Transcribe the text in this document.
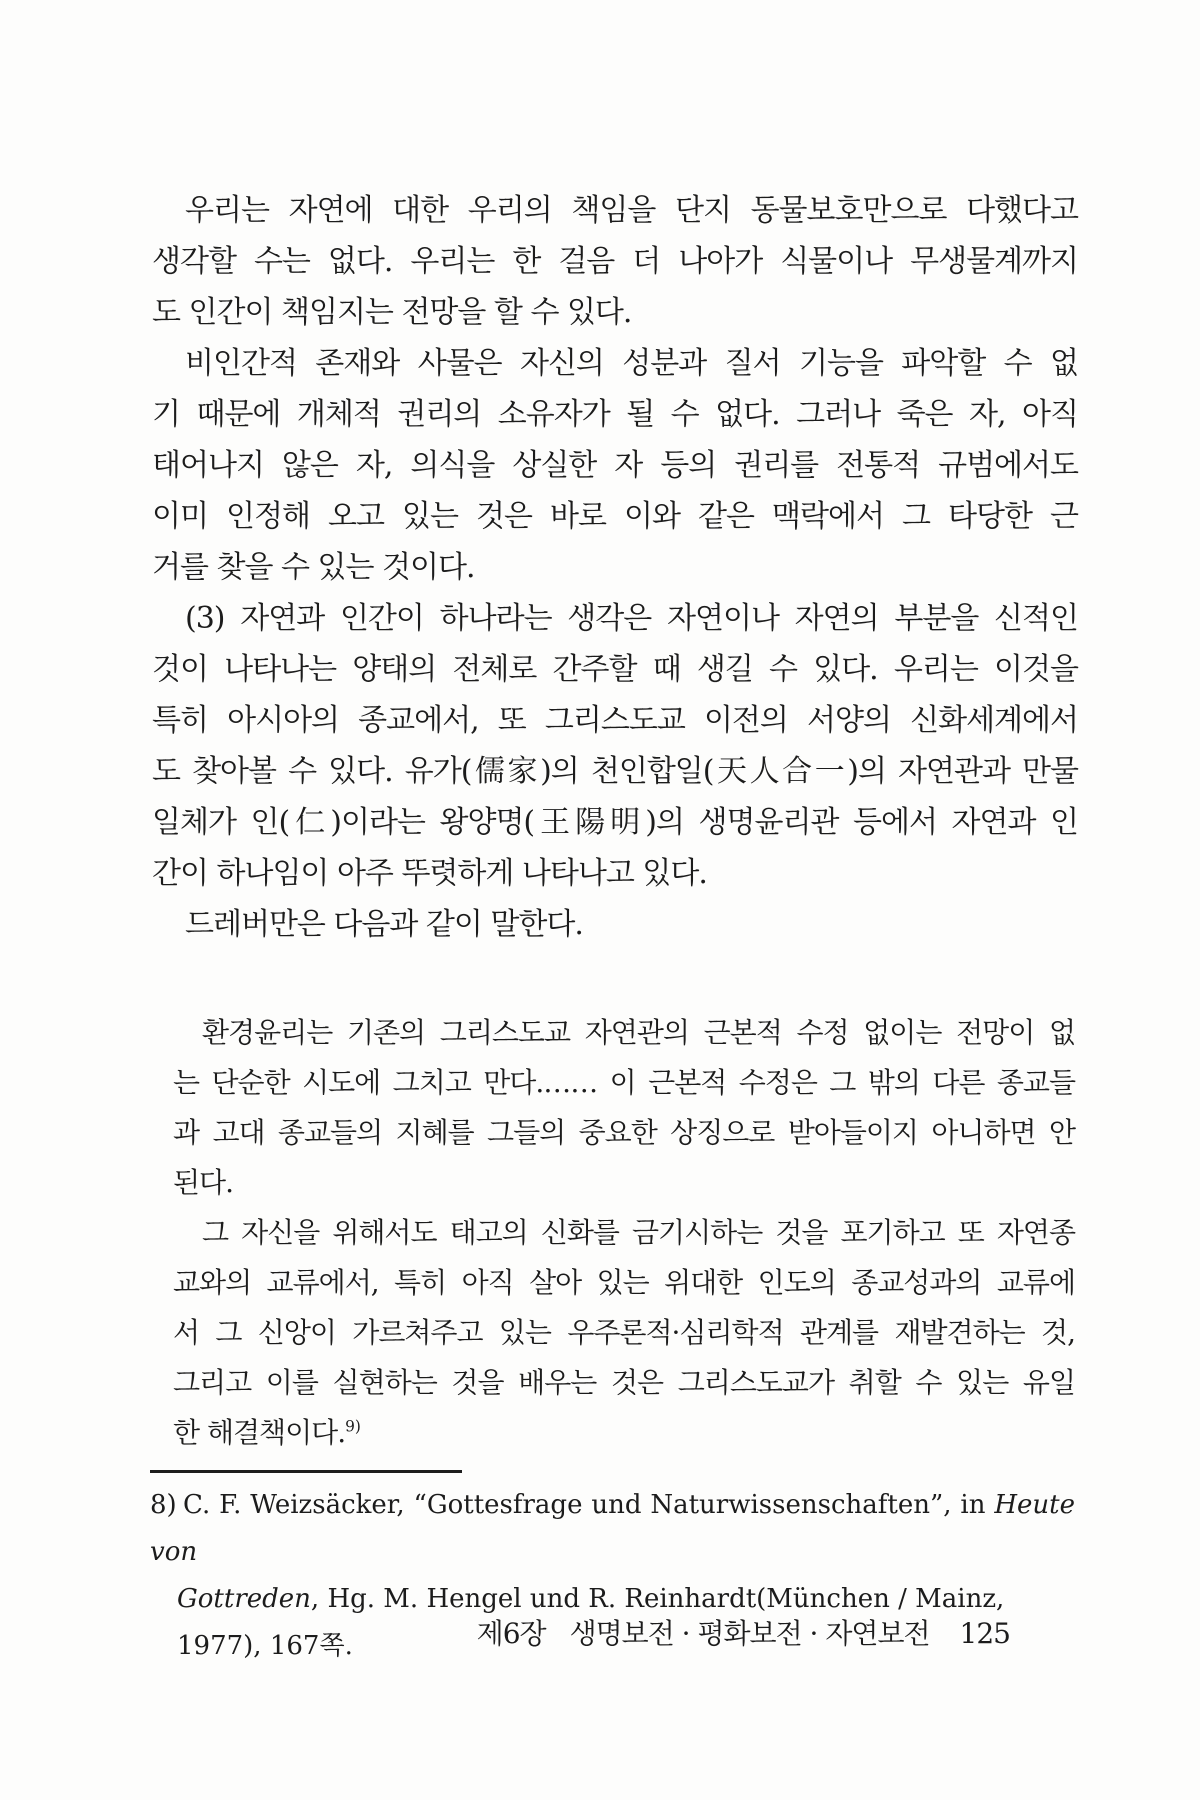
우리는 자연에 대한 우리의 책임을 단지 동물보호만으로 다했다고
생각할 수는 없다. 우리는 한 걸음 더 나아가 식물이나 무생물계까지
도 인간이 책임지는 전망을 할 수 있다.
비인간적 존재와 사물은 자신의 성분과 질서 기능을 파악할 수 없
기 때문에 개체적 권리의 소유자가 될 수 없다. 그러나 죽은 자, 아직
태어나지 않은 자, 의식을 상실한 자 등의 권리를 전통적 규범에서도
이미 인정해 오고 있는 것은 바로 이와 같은 맥락에서 그 타당한 근
거를 찾을 수 있는 것이다.
(3) 자연과 인간이 하나라는 생각은 자연이나 자연의 부분을 신적인
것이 나타나는 양태의 전체로 간주할 때 생길 수 있다. 우리는 이것을
특히 아시아의 종교에서, 또 그리스도교 이전의 서양의 신화세계에서
도 찾아볼 수 있다. 유가(儒家)의 천인합일(天人合一)의 자연관과 만물
일체가 인(仁)이라는 왕양명(王陽明)의 생명윤리관 등에서 자연과 인
간이 하나임이 아주 뚜렷하게 나타나고 있다.
드레버만은 다음과 같이 말한다.
환경윤리는 기존의 그리스도교 자연관의 근본적 수정 없이는 전망이 없
는 단순한 시도에 그치고 만다.…… 이 근본적 수정은 그 밖의 다른 종교들
과 고대 종교들의 지혜를 그들의 중요한 상징으로 받아들이지 아니하면 안
된다.
그 자신을 위해서도 태고의 신화를 금기시하는 것을 포기하고 또 자연종
교와의 교류에서, 특히 아직 살아 있는 위대한 인도의 종교성과의 교류에
서 그 신앙이 가르쳐주고 있는 우주론적·심리학적 관계를 재발견하는 것,
그리고 이를 실현하는 것을 배우는 것은 그리스도교가 취할 수 있는 유일
한 해결책이다.$^{9)}$
8) C. F. Weizsäcker, “Gottesfrage und Naturwissenschaften”, in Heute von
Gottreden, Hg. M. Hengel und R. Reinhardt(München / Mainz, 1977), 167쪽.	제6장 생명보전 · 평화보전 · 자연보전 125
